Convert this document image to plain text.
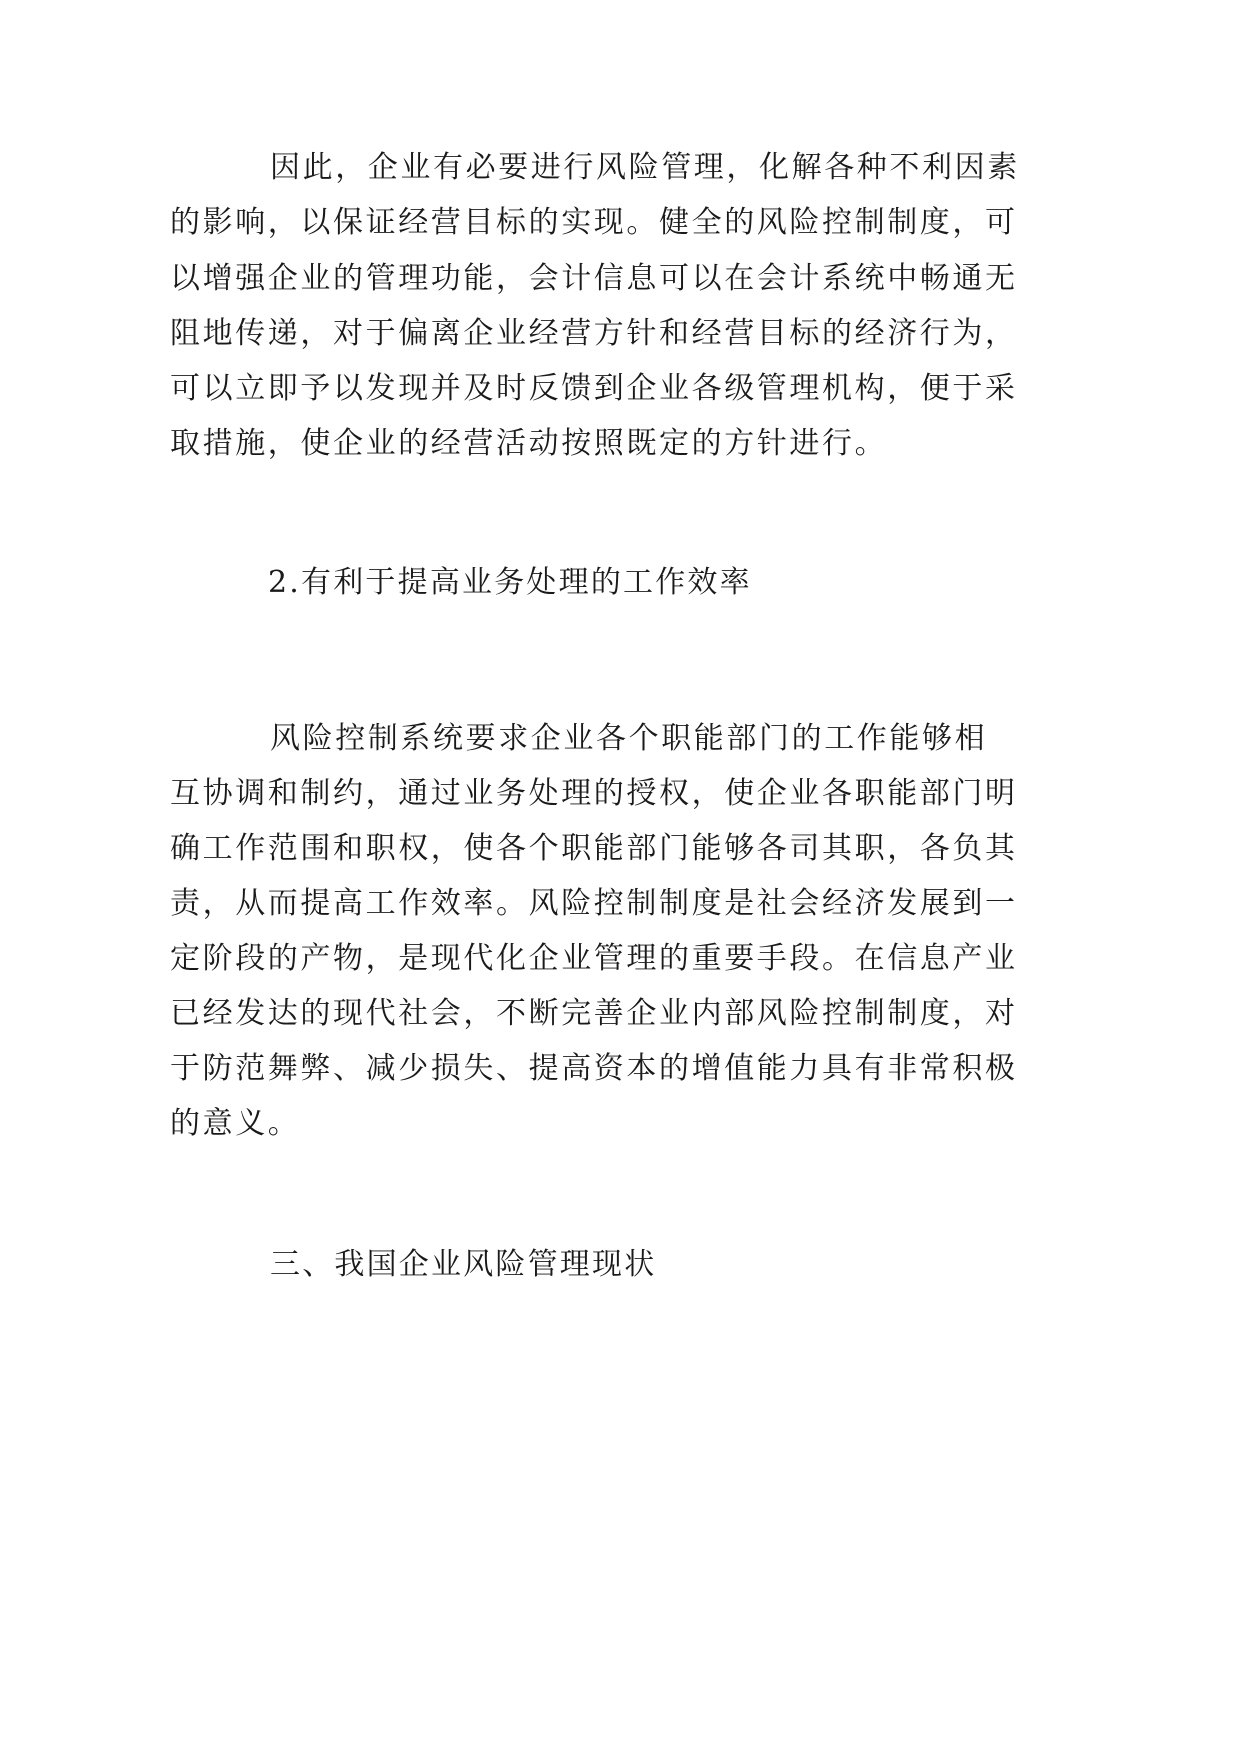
因此，企业有必要进行风险管理，化解各种不利因素
的影响，以保证经营目标的实现。健全的风险控制制度，可
以增强企业的管理功能，会计信息可以在会计系统中畅通无
阻地传递，对于偏离企业经营方针和经营目标的经济行为，
可以立即予以发现并及时反馈到企业各级管理机构，便于采
取措施，使企业的经营活动按照既定的方针进行。
2.有利于提高业务处理的工作效率
风险控制系统要求企业各个职能部门的工作能够相
互协调和制约，通过业务处理的授权，使企业各职能部门明
确工作范围和职权，使各个职能部门能够各司其职，各负其
责，从而提高工作效率。风险控制制度是社会经济发展到一
定阶段的产物，是现代化企业管理的重要手段。在信息产业
已经发达的现代社会，不断完善企业内部风险控制制度，对
于防范舞弊、减少损失、提高资本的增值能力具有非常积极
的意义。
三、我国企业风险管理现状
